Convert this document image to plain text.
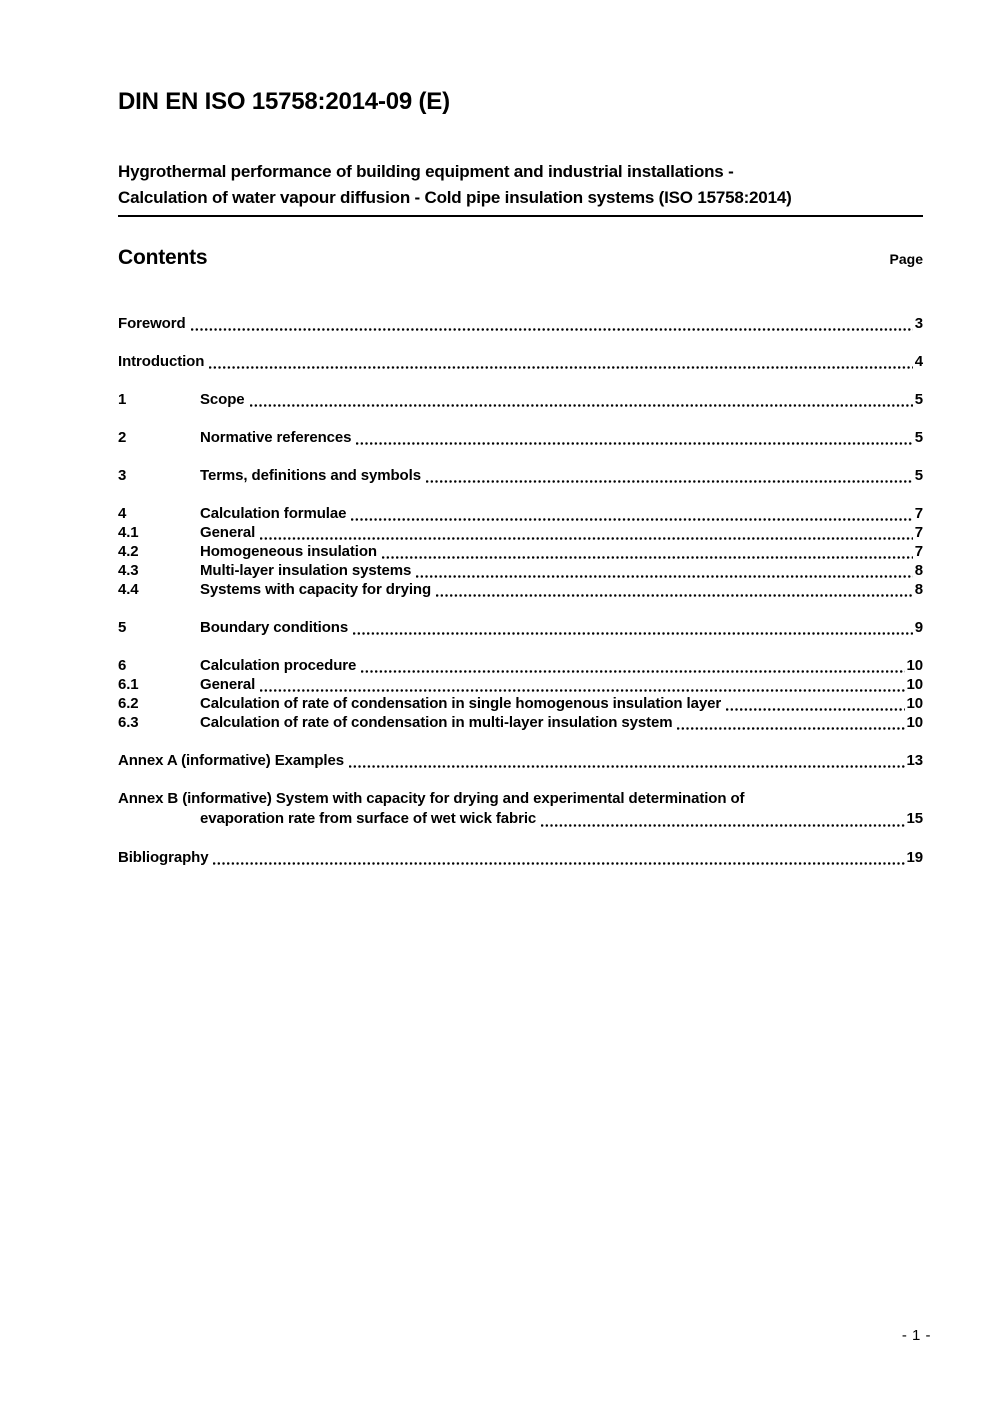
DIN EN ISO 15758:2014-09 (E)
Hygrothermal performance of building equipment and industrial installations -
Calculation of water vapour diffusion - Cold pipe insulation systems (ISO 15758:2014)
Contents	Page
Foreword	3
Introduction	4
1	Scope	5
2	Normative references	5
3	Terms, definitions and symbols	5
4	Calculation formulae	7
4.1	General	7
4.2	Homogeneous insulation	7
4.3	Multi-layer insulation systems	8
4.4	Systems with capacity for drying	8
5	Boundary conditions	9
6	Calculation procedure	10
6.1	General	10
6.2	Calculation of rate of condensation in single homogenous insulation layer	10
6.3	Calculation of rate of condensation in multi-layer insulation system	10
Annex A (informative) Examples	13
Annex B (informative) System with capacity for drying and experimental determination of
evaporation rate from surface of wet wick fabric	15
Bibliography	19
- 1 -
